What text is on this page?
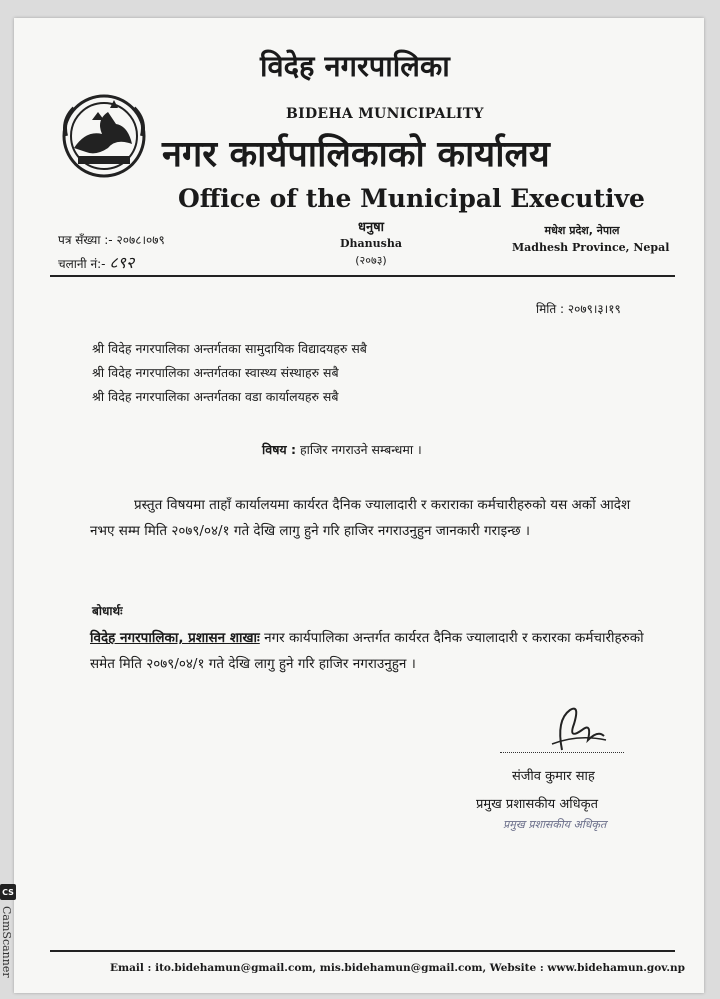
विदेह नगरपालिका
BIDEHA MUNICIPALITY
नगर कार्यपालिकाको कार्यालय
Office of the Municipal Executive
पत्र सँख्या :- २०७८।०७९
चलानी नं:- ८९२
धनुषा
Dhanusha
(२०७३)
मधेश प्रदेश, नेपाल
Madhesh Province, Nepal
मिति : २०७९।३।१९
श्री विदेह नगरपालिका अन्तर्गतका सामुदायिक विद्यादयहरु सबै
श्री विदेह नगरपालिका अन्तर्गतका स्वास्थ्य संस्थाहरु सबै
श्री विदेह नगरपालिका अन्तर्गतका वडा कार्यालयहरु सबै
विषय : हाजिर नगराउने सम्बन्धमा ।
प्रस्तुत विषयमा ताहाँ कार्यालयमा कार्यरत दैनिक ज्यालादारी र कराराका कर्मचारीहरुको यस अर्को आदेश नभए सम्म मिति २०७९/०४/१ गते देखि लागु हुने गरि हाजिर नगराउनुहुन जानकारी गराइन्छ ।
बोधार्थः
विदेह नगरपालिका, प्रशासन शाखाः नगर कार्यपालिका अन्तर्गत कार्यरत दैनिक ज्यालादारी र करारका कर्मचारीहरुको समेत मिति २०७९/०४/१ गते देखि लागु हुने गरि हाजिर नगराउनुहुन ।
संजीव कुमार साह
प्रमुख प्रशासकीय अधिकृत
प्रमुख प्रशासकीय अधिकृत
Email : ito.bidehamun@gmail.com, mis.bidehamun@gmail.com, Website : www.bidehamun.gov.np
CS
CamScanner
